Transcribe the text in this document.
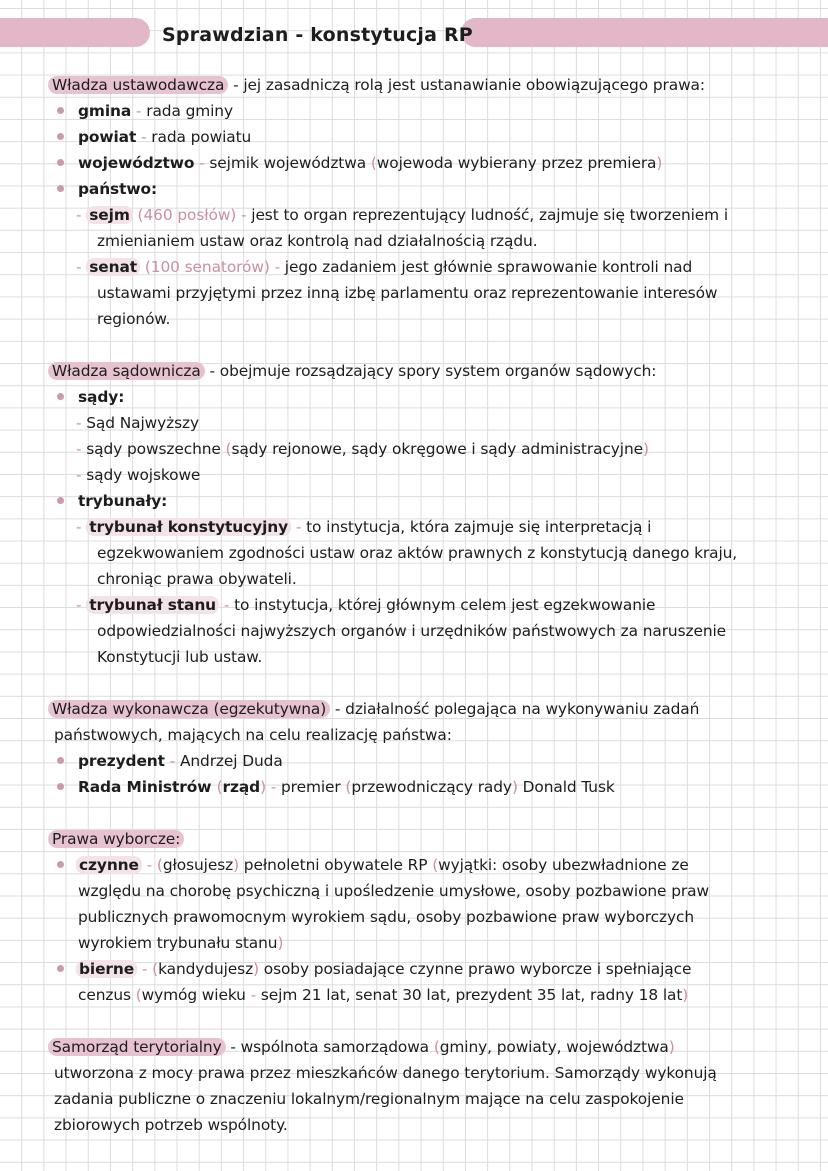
Sprawdzian - konstytucja RP
Władza ustawodawcza - jej zasadniczą rolą jest ustanawianie obowiązującego prawa:
gmina - rada gminy
powiat - rada powiatu
województwo - sejmik województwa (wojewoda wybierany przez premiera)
państwo:
- sejm (460 posłów) - jest to organ reprezentujący ludność, zajmuje się tworzeniem i
zmienianiem ustaw oraz kontrolą nad działalnością rządu.
- senat (100 senatorów) - jego zadaniem jest głównie sprawowanie kontroli nad
ustawami przyjętymi przez inną izbę parlamentu oraz reprezentowanie interesów
regionów.
Władza sądownicza - obejmuje rozsądzający spory system organów sądowych:
sądy:
- Sąd Najwyższy
- sądy powszechne (sądy rejonowe, sądy okręgowe i sądy administracyjne)
- sądy wojskowe
trybunały:
- trybunał konstytucyjny - to instytucja, która zajmuje się interpretacją i
egzekwowaniem zgodności ustaw oraz aktów prawnych z konstytucją danego kraju,
chroniąc prawa obywateli.
- trybunał stanu - to instytucja, której głównym celem jest egzekwowanie
odpowiedzialności najwyższych organów i urzędników państwowych za naruszenie
Konstytucji lub ustaw.
Władza wykonawcza (egzekutywna) - działalność polegająca na wykonywaniu zadań
państwowych, mających na celu realizację państwa:
prezydent - Andrzej Duda
Rada Ministrów (rząd) - premier (przewodniczący rady) Donald Tusk
Prawa wyborcze:
czynne - (głosujesz) pełnoletni obywatele RP (wyjątki: osoby ubezwładnione ze
względu na chorobę psychiczną i upośledzenie umysłowe, osoby pozbawione praw
publicznych prawomocnym wyrokiem sądu, osoby pozbawione praw wyborczych
wyrokiem trybunału stanu)
bierne - (kandydujesz) osoby posiadające czynne prawo wyborcze i spełniające
cenzus (wymóg wieku - sejm 21 lat, senat 30 lat, prezydent 35 lat, radny 18 lat)
Samorząd terytorialny - wspólnota samorządowa (gminy, powiaty, województwa)
utworzona z mocy prawa przez mieszkańców danego terytorium. Samorządy wykonują
zadania publiczne o znaczeniu lokalnym/regionalnym mające na celu zaspokojenie
zbiorowych potrzeb wspólnoty.
